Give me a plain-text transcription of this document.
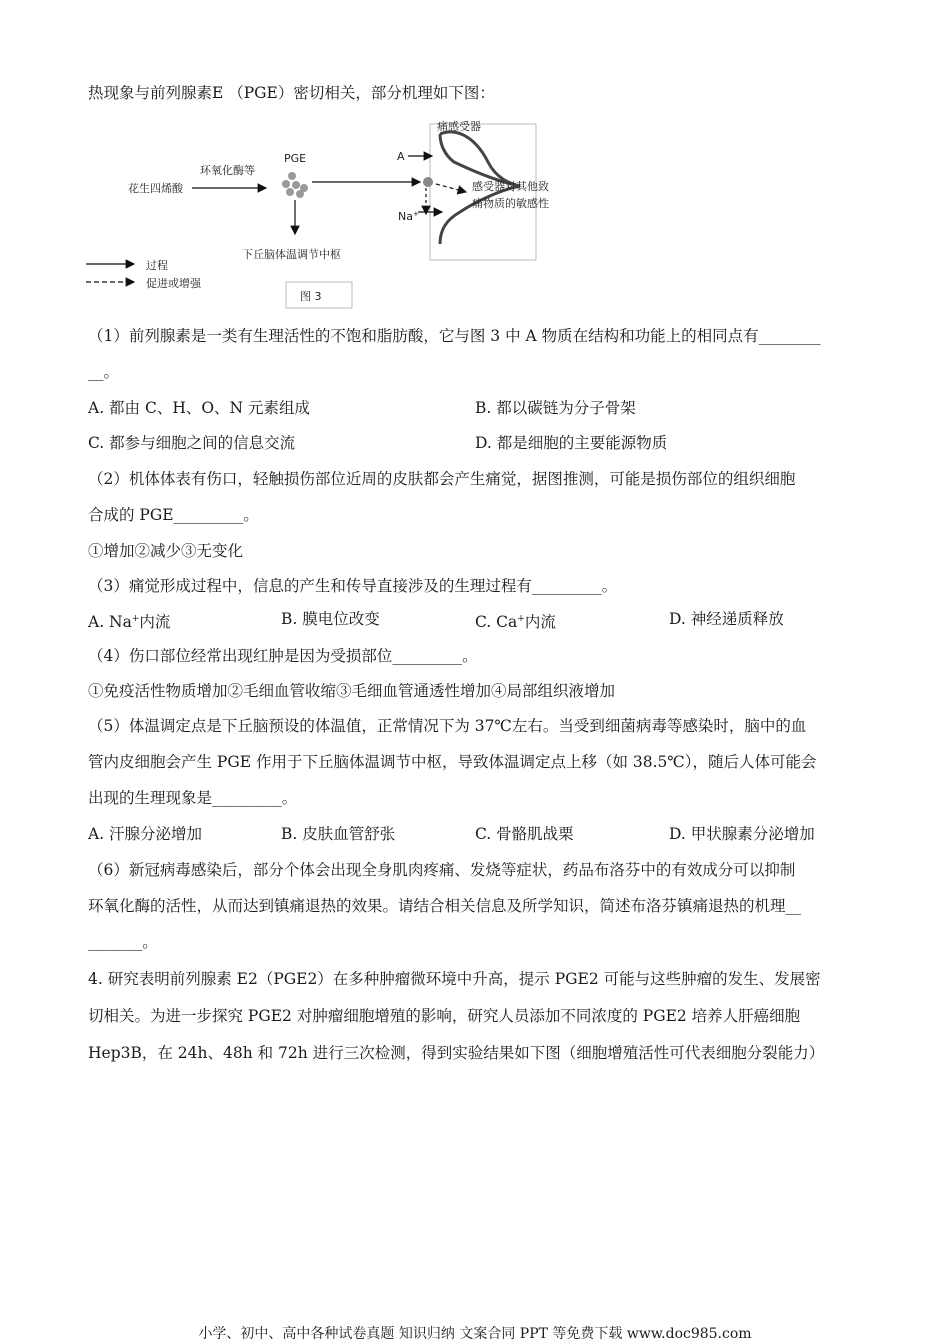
热现象与前列腺素E （PGE）密切相关，部分机理如下图：
痛感受器
A
感受器对其他致
痛物质的敏感性
Na+
花生四烯酸
环氧化酶等
PGE
下丘脑体温调节中枢
过程
促进或增强
图 3
（1）前列腺素是一类有生理活性的不饱和脂肪酸，它与图 3 中 A 物质在结构和功能上的相同点有________
__。
A. 都由 C、H、O、N 元素组成	B. 都以碳链为分子骨架
C. 都参与细胞之间的信息交流	D. 都是细胞的主要能源物质
（2）机体体表有伤口，轻触损伤部位近周的皮肤都会产生痛觉，据图推测，可能是损伤部位的组织细胞
合成的 PGE_________。
①增加②减少③无变化
（3）痛觉形成过程中，信息的产生和传导直接涉及的生理过程有_________。
A. Na+内流	B. 膜电位改变	C. Ca+内流	D. 神经递质释放
（4）伤口部位经常出现红肿是因为受损部位_________。
①免疫活性物质增加②毛细血管收缩③毛细血管通透性增加④局部组织液增加
（5）体温调定点是下丘脑预设的体温值，正常情况下为 37℃左右。当受到细菌病毒等感染时，脑中的血
管内皮细胞会产生 PGE 作用于下丘脑体温调节中枢，导致体温调定点上移（如 38.5℃），随后人体可能会
出现的生理现象是_________。
A. 汗腺分泌增加	B. 皮肤血管舒张	C. 骨骼肌战栗	D. 甲状腺素分泌增加
（6）新冠病毒感染后，部分个体会出现全身肌肉疼痛、发烧等症状，药品布洛芬中的有效成分可以抑制
环氧化酶的活性，从而达到镇痛退热的效果。请结合相关信息及所学知识，简述布洛芬镇痛退热的机理__
_______。
4. 研究表明前列腺素 E2（PGE2）在多种肿瘤微环境中升高，提示 PGE2 可能与这些肿瘤的发生、发展密
切相关。为进一步探究 PGE2 对肿瘤细胞增殖的影响，研究人员添加不同浓度的 PGE2 培养人肝癌细胞
Hep3B，在 24h、48h 和 72h 进行三次检测，得到实验结果如下图（细胞增殖活性可代表细胞分裂能力）
小学、初中、高中各种试卷真题 知识归纳 文案合同 PPT 等免费下载 www.doc985.com
